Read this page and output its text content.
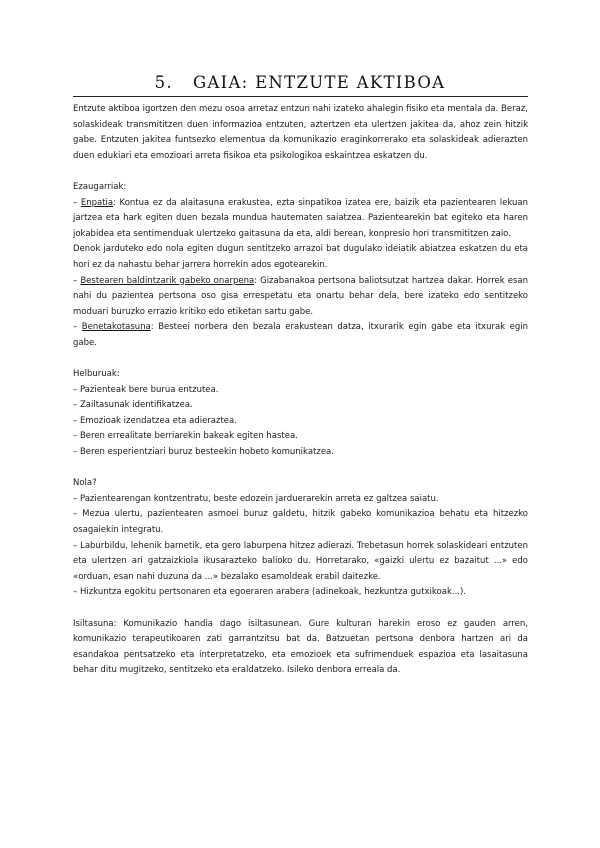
5. GAIA: ENTZUTE AKTIBOA

Entzute aktiboa igortzen den mezu osoa arretaz entzun nahi izateko ahalegin fisiko eta mentala da. Beraz, solaskideak transmititzen duen informazioa entzuten, aztertzen eta ulertzen jakitea da, ahoz zein hitzik gabe. Entzuten jakitea funtsezko elementua da komunikazio eraginkorrerako eta solaskideak adierazten duen edukiari eta emozioari arreta fisikoa eta psikologikoa eskaintzea eskatzen du.

Ezaugarriak:

– Enpatia: Kontua ez da alaitasuna erakustea, ezta sinpatikoa izatea ere, baizik eta pazientearen lekuan jartzea eta hark egiten duen bezala mundua hautematen saiatzea. Pazientearekin bat egiteko eta haren jokabidea eta sentimenduak ulertzeko gaitasuna da eta, aldi berean, konpresio hori transmititzen zaio.

Denok jarduteko edo nola egiten dugun sentitzeko arrazoi bat dugulako ideiatik abiatzea eskatzen du eta hori ez da nahastu behar jarrera horrekin ados egotearekin.

– Bestearen baldintzarik gabeko onarpena: Gizabanakoa pertsona baliotsutzat hartzea dakar. Horrek esan nahi du pazientea pertsona oso gisa errespetatu eta onartu behar dela, bere izateko edo sentitzeko moduari buruzko errazio kritiko edo etiketan sartu gabe.

– Benetakotasuna: Besteei norbera den bezala erakustean datza, itxurarik egin gabe eta itxurak egin gabe.

Helburuak:

– Pazienteak bere burua entzutea.

– Zailtasunak identifikatzea.

– Emozioak izendatzea eta adieraztea.

– Beren errealitate berriarekin bakeak egiten hastea.

– Beren esperientziari buruz besteekin hobeto komunikatzea.

Nola?

– Pazientearengan kontzentratu, beste edozein jarduerarekin arreta ez galtzea saiatu.

– Mezua ulertu, pazientearen asmoei buruz galdetu, hitzik gabeko komunikazioa behatu eta hitzezko osagaiekin integratu.

– Laburbildu, lehenik barnetik, eta gero laburpena hitzez adierazi. Trebetasun horrek solaskideari entzuten eta ulertzen ari gatzaizkiola ikusarazteko balioko du. Horretarako, «gaizki ulertu ez bazaitut ...» edo «orduan, esan nahi duzuna da ...» bezalako esamoldeak erabil daitezke.

– Hizkuntza egokitu pertsonaren eta egoeraren arabera (adinekoak, hezkuntza gutxikoak...).

Isiltasuna: Komunikazio handia dago isiltasunean. Gure kulturan harekin eroso ez gauden arren, komunikazio terapeutikoaren zati garrantzitsu bat da. Batzuetan pertsona denbora hartzen ari da esandakoa pentsatzeko eta interpretatzeko, eta emozioek eta sufrimenduek espazioa eta lasaitasuna behar ditu mugitzeko, sentitzeko eta eraldatzeko. Isileko denbora erreala da.
